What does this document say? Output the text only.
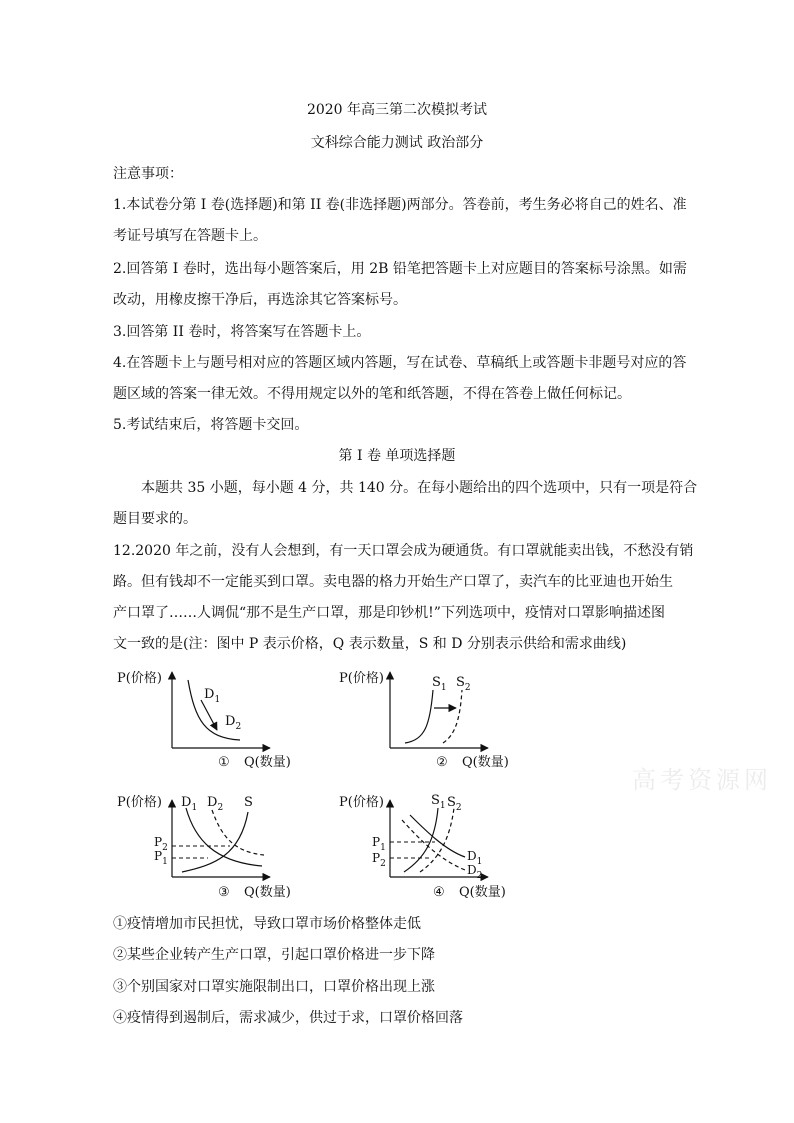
2020 年高三第二次模拟考试
文科综合能力测试 政治部分
注意事项：
1.本试卷分第 I 卷(选择题)和第 II 卷(非选择题)两部分。答卷前，考生务必将自己的姓名、准
考证号填写在答题卡上。
2.回答第 I 卷时，选出每小题答案后，用 2B 铅笔把答题卡上对应题目的答案标号涂黑。如需
改动，用橡皮擦干净后，再选涂其它答案标号。
3.回答第 II 卷时，将答案写在答题卡上。
4.在答题卡上与题号相对应的答题区域内答题，写在试卷、草稿纸上或答题卡非题号对应的答
题区域的答案一律无效。不得用规定以外的笔和纸答题，不得在答卷上做任何标记。
5.考试结束后，将答题卡交回。
第 I 卷 单项选择题
本题共 35 小题，每小题 4 分，共 140 分。在每小题给出的四个选项中，只有一项是符合
题目要求的。
12.2020 年之前，没有人会想到，有一天口罩会成为硬通货。有口罩就能卖出钱，不愁没有销
路。但有钱却不一定能买到口罩。卖电器的格力开始生产口罩了，卖汽车的比亚迪也开始生
产口罩了……人调侃“那不是生产口罩，那是印钞机!”下列选项中，疫情对口罩影响描述图
文一致的是(注：图中 P 表示价格，Q 表示数量，S 和 D 分别表示供给和需求曲线)
P(价格)
$D_1$
$D_2$
① Q(数量)
P(价格)	$S_1$ $S_2$
② Q(数量)
P(价格) $D_1$ $D_2$ S
$P_2$
$P_1$
③ Q(数量)
P(价格)	$S_1$ $S_2$
$D_1$
$D_2$
$P_1$
$P_2$
④ Q(数量)
①疫情增加市民担忧，导致口罩市场价格整体走低
②某些企业转产生产口罩，引起口罩价格进一步下降
③个别国家对口罩实施限制出口，口罩价格出现上涨
④疫情得到遏制后，需求减少，供过于求，口罩价格回落
高考资源网
